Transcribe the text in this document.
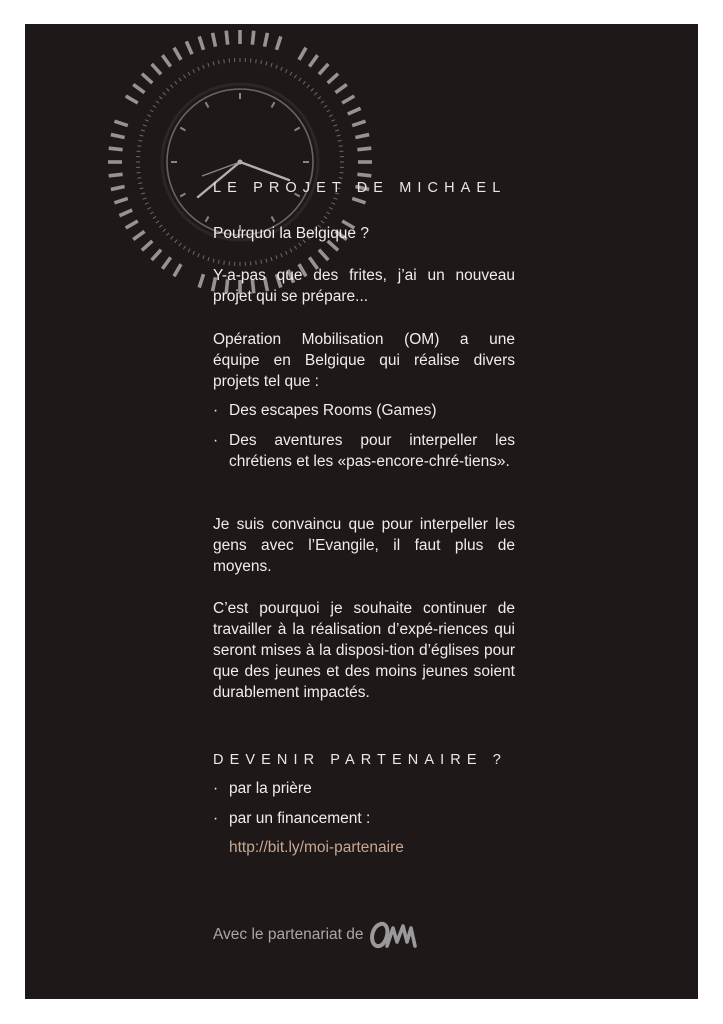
LE PROJET DE MICHAEL

Pourquoi la Belgique ?

Y-a-pas que des frites, j’ai un nouveau projet qui se prépare...

Opération Mobilisation (OM) a une
équipe en Belgique qui réalise divers
projets tel que :

· Des escapes Rooms (Games)
· Des aventures pour interpeller les chrétiens et les «pas-encore-chré-tiens».

Je suis convaincu que pour interpeller les gens avec l’Evangile, il faut plus de moyens.

C’est pourquoi je souhaite continuer de travailler à la réalisation d’expé-riences qui seront mises à la disposi-tion d’églises pour que des jeunes et des moins jeunes soient durablement impactés.

DEVENIR PARTENAIRE ?
· par la prière
· par un financement :
http://bit.ly/moi-partenaire
Avec le partenariat de
